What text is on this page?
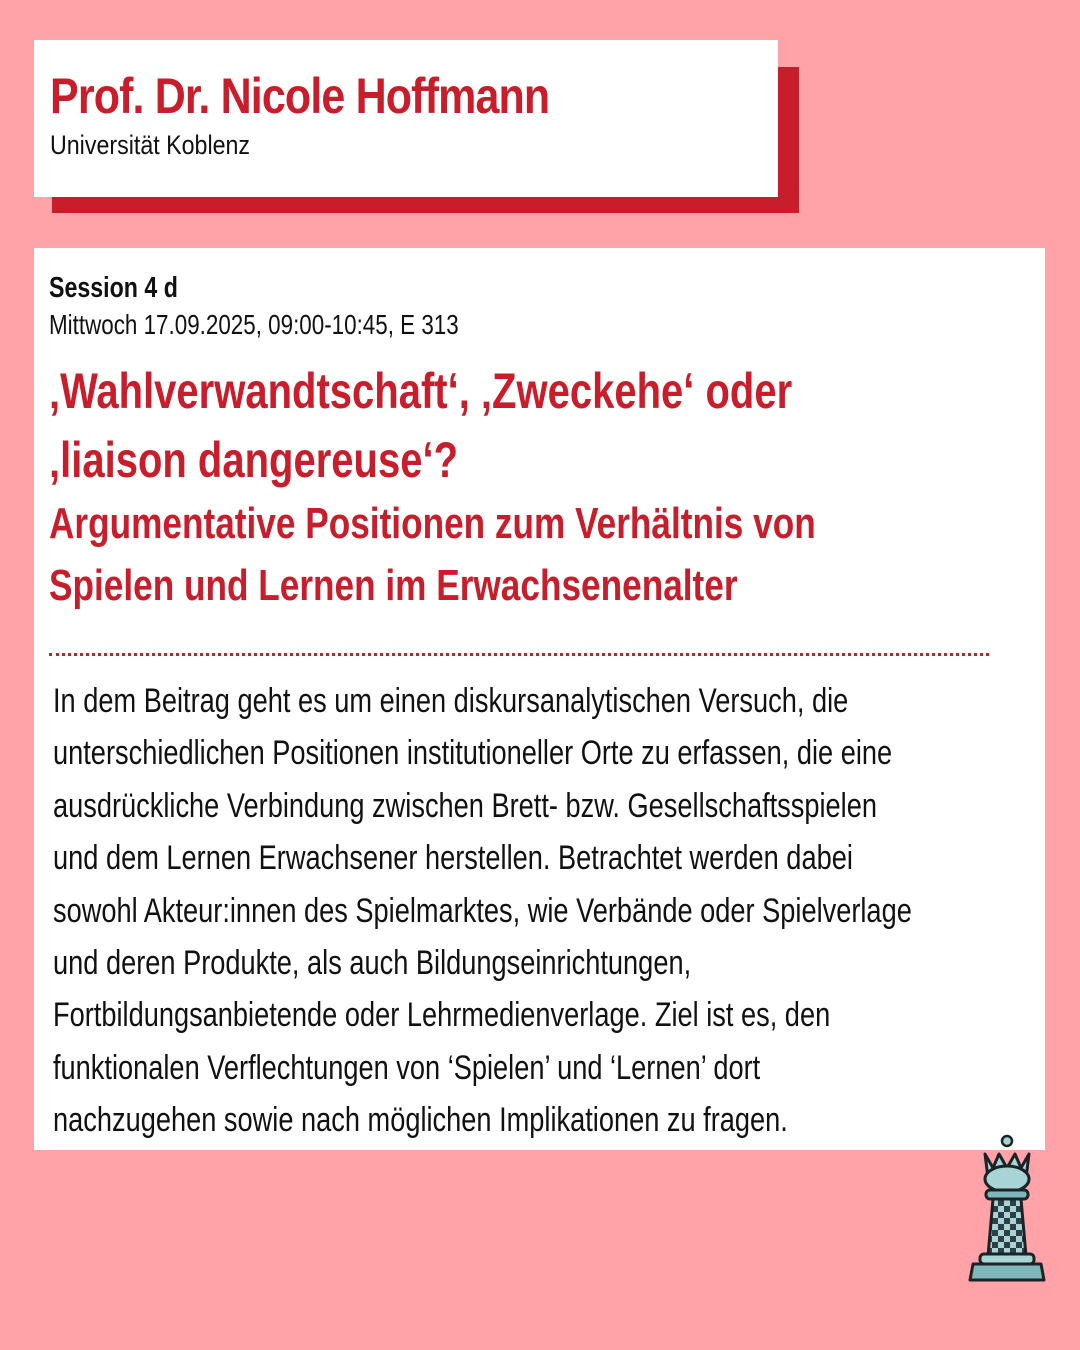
Prof. Dr. Nicole Hoffmann
Universität Koblenz
Session 4 d
Mittwoch 17.09.2025, 09:00-10:45, E 313
‚Wahlverwandtschaft‘, ‚Zweckehe‘ oder
‚liaison dangereuse‘?
Argumentative Positionen zum Verhältnis von
Spielen und Lernen im Erwachsenenalter
In dem Beitrag geht es um einen diskursanalytischen Versuch, die
unterschiedlichen Positionen institutioneller Orte zu erfassen, die eine
ausdrückliche Verbindung zwischen Brett- bzw. Gesellschaftsspielen
und dem Lernen Erwachsener herstellen. Betrachtet werden dabei
sowohl Akteur:innen des Spielmarktes, wie Verbände oder Spielverlage
und deren Produkte, als auch Bildungseinrichtungen,
Fortbildungsanbietende oder Lehrmedienverlage. Ziel ist es, den
funktionalen Verflechtungen von ‘Spielen’ und ‘Lernen’ dort
nachzugehen sowie nach möglichen Implikationen zu fragen.
